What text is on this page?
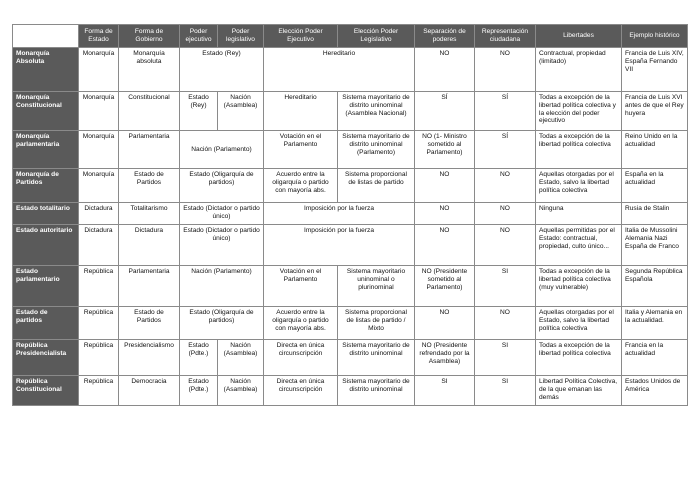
	Forma de Estado	Forma de Gobierno	Poder ejecutivo	Poder legislativo	Elección Poder Ejecutivo	Elección Poder Legislativo	Separación de poderes	Representación ciudadana	Libertades	Ejemplo histórico
Monarquía Absoluta	Monarquía	Monarquía absoluta	Estado (Rey)		Hereditario		NO	NO	Contractual, propiedad (limitado)	Francia de Luis XIV, España Fernando VII
Monarquía Constitucional	Monarquía	Constitucional	Estado (Rey)	Nación (Asamblea)	Hereditario	Sistema mayoritario de distrito uninominal (Asamblea Nacional)	SÍ	SÍ	Todas a excepción de la libertad política colectiva y la elección del poder ejecutivo	Francia de Luis XVI antes de que el Rey huyera
Monarquía parlamentaria	Monarquía	Parlamentaria	Nación (Parlamento)		Votación en el Parlamento	Sistema mayoritario de distrito uninominal (Parlamento)	NO (1- Ministro sometido al Parlamento)	SÍ	Todas a excepción de la libertad política colectiva	Reino Unido en la actualidad
Monarquía de Partidos	Monarquía	Estado de Partidos	Estado (Oligarquía de partidos)		Acuerdo entre la oligarquía o partido con mayoría abs.	Sistema proporcional de listas de partido	NO	NO	Aquellas otorgadas por el Estado, salvo la libertad política colectiva	España en la actualidad
Estado totalitario	Dictadura	Totalitarismo	Estado (Dictador o partido único)		Imposición por la fuerza		NO	NO	Ninguna	Rusia de Stalin
Estado autoritario	Dictadura	Dictadura	Estado (Dictador o partido único)		Imposición por la fuerza		NO	NO	Aquellas permitidas por el Estado: contractual, propiedad, culto único...	Italia de Mussolini Alemania Nazi España de Franco
Estado parlamentario	República	Parlamentaria	Nación (Parlamento)		Votación en el Parlamento	Sistema mayoritario uninominal o plurinominal	NO (Presidente sometido al Parlamento)	SI	Todas a excepción de la libertad política colectiva (muy vulnerable)	Segunda República Española
Estado de partidos	República	Estado de Partidos	Estado (Oligarquía de partidos)		Acuerdo entre la oligarquía o partido con mayoría abs.	Sistema proporcional de listas de partido / Mixto	NO	NO	Aquellas otorgadas por el Estado, salvo la libertad política colectiva	Italia y Alemania en la actualidad.
República Presidencialista	República	Presidencialismo	Estado (Pdte.)	Nación (Asamblea)	Directa en única circunscripción	Sistema mayoritario de distrito uninominal	NO (Presidente refrendado por la Asamblea)	SI	Todas a excepción de la libertad política colectiva	Francia en la actualidad
República Constitucional	República	Democracia	Estado (Pdte.)	Nación (Asamblea)	Directa en única circunscripción	Sistema mayoritario de distrito uninominal	SI	SI	Libertad Política Colectiva, de la que emanan las demás	Estados Unidos de América
